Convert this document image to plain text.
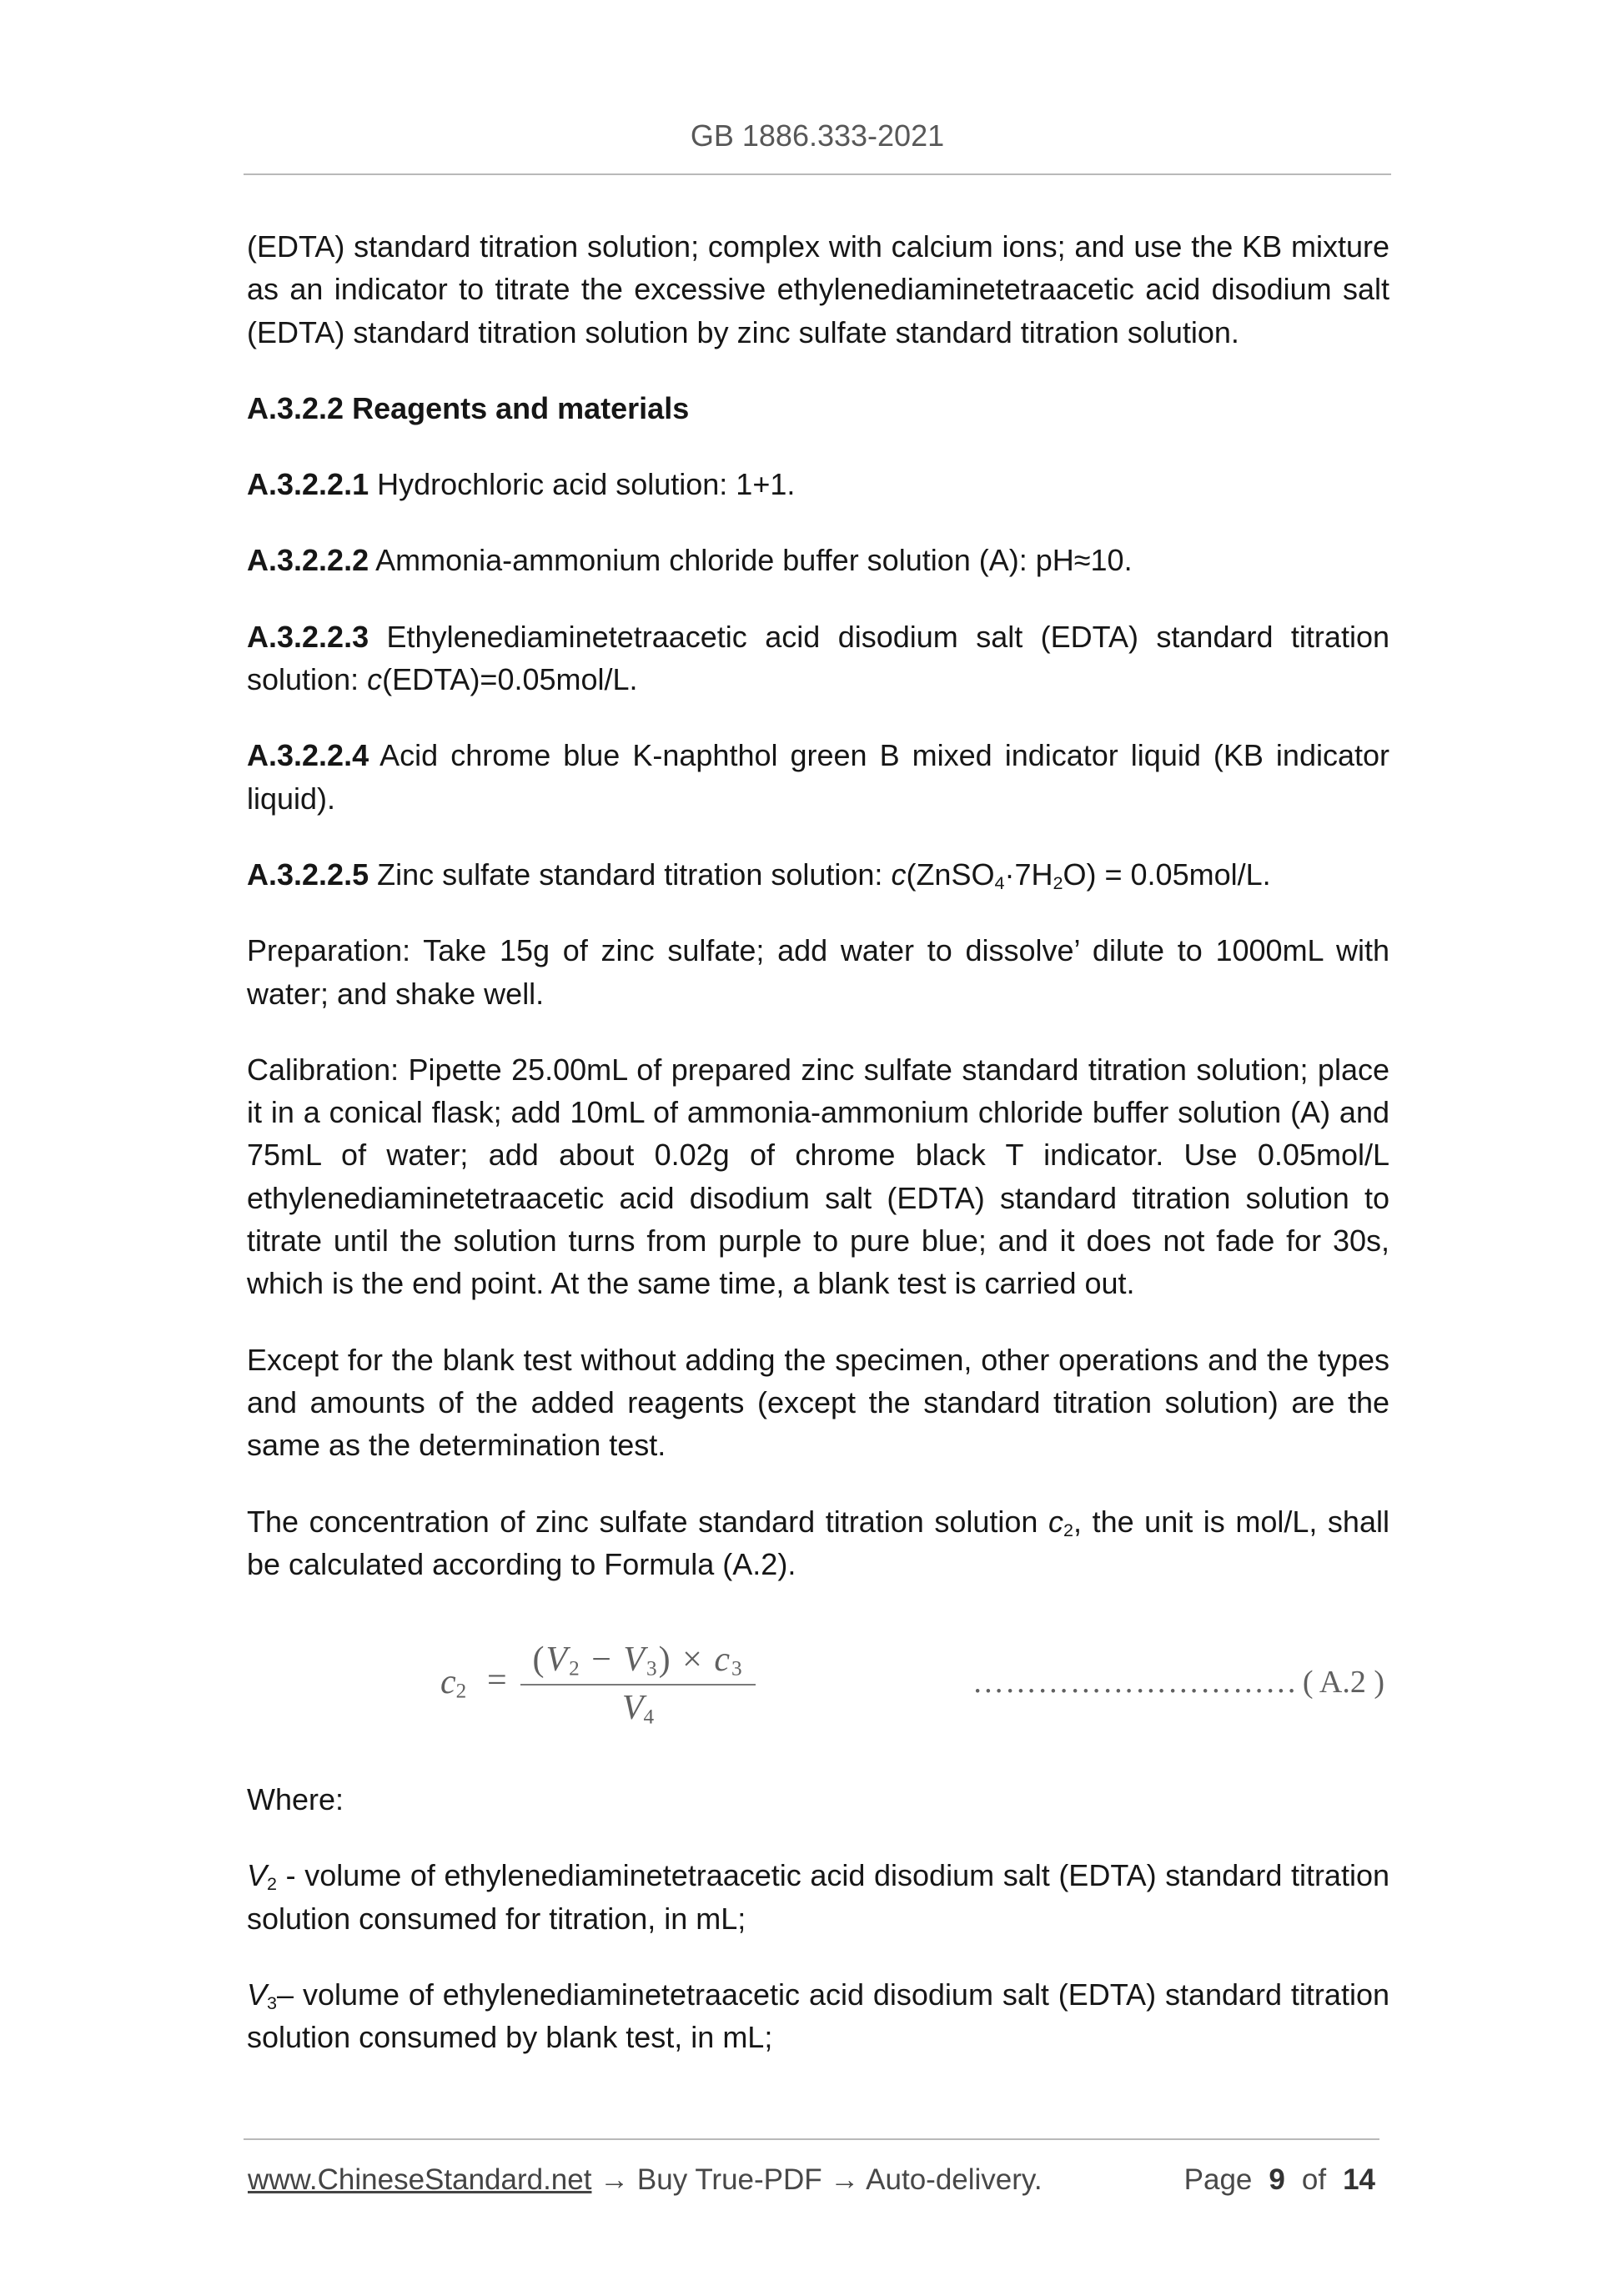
GB 1886.333-2021
(EDTA) standard titration solution; complex with calcium ions; and use the KB mixture
as an indicator to titrate the excessive ethylenediaminetetraacetic acid disodium salt
(EDTA) standard titration solution by zinc sulfate standard titration solution.
A.3.2.2 Reagents and materials
A.3.2.2.1 Hydrochloric acid solution: 1+1.
A.3.2.2.2 Ammonia-ammonium chloride buffer solution (A): pH≈10.
A.3.2.2.3 Ethylenediaminetetraacetic acid disodium salt (EDTA) standard titration
solution: c(EDTA)=0.05mol/L.
A.3.2.2.4 Acid chrome blue K-naphthol green B mixed indicator liquid (KB indicator
liquid).
A.3.2.2.5 Zinc sulfate standard titration solution: $c(ZnSO_4\cdot 7H_2O) = 0.05mol/L$.
Preparation: Take 15g of zinc sulfate; add water to dissolve’ dilute to 1000mL with
water; and shake well.
Calibration: Pipette 25.00mL of prepared zinc sulfate standard titration solution; place
it in a conical flask; add 10mL of ammonia-ammonium chloride buffer solution (A) and
75mL of water; add about 0.02g of chrome black T indicator. Use 0.05mol/L
ethylenediaminetetraacetic acid disodium salt (EDTA) standard titration solution to
titrate until the solution turns from purple to pure blue; and it does not fade for 30s,
which is the end point. At the same time, a blank test is carried out.
Except for the blank test without adding the specimen, other operations and the types
and amounts of the added reagents (except the standard titration solution) are the
same as the determination test.
The concentration of zinc sulfate standard titration solution $c_2$, the unit is mol/L, shall
be calculated according to Formula (A.2).
$c_2$ =
$(V_2 - V_3) \times c_3$
$V_4$
………………………… ( A.2 )
Where:
$V_2$ - volume of ethylenediaminetetraacetic acid disodium salt (EDTA) standard titration
solution consumed for titration, in mL;
$V_3-$ volume of ethylenediaminetetraacetic acid disodium salt (EDTA) standard titration
solution consumed by blank test, in mL;
www.ChineseStandard.net → Buy True-PDF → Auto-delivery.	Page 9 of 14
